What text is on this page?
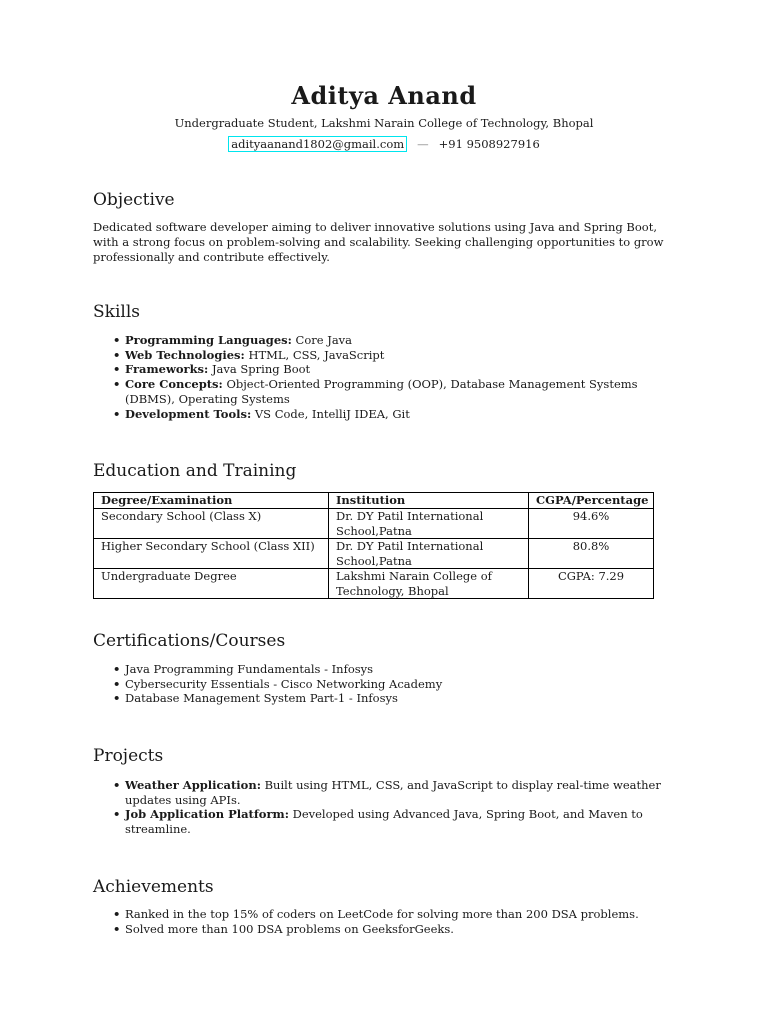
Aditya Anand
Undergraduate Student, Lakshmi Narain College of Technology, Bhopal
adityaanand1802@gmail.com — +91 9508927916
Objective
Dedicated software developer aiming to deliver innovative solutions using Java and Spring Boot, with a strong focus on problem-solving and scalability. Seeking challenging opportunities to grow professionally and contribute effectively.
Skills
• Programming Languages: Core Java
• Web Technologies: HTML, CSS, JavaScript
• Frameworks: Java Spring Boot
• Core Concepts: Object-Oriented Programming (OOP), Database Management Systems (DBMS), Operating Systems
• Development Tools: VS Code, IntelliJ IDEA, Git
Education and Training
Degree/Examination	Institution	CGPA/Percentage
Secondary School (Class X)	Dr. DY Patil International School,Patna	94.6%
Higher Secondary School (Class XII)	Dr. DY Patil International School,Patna	80.8%
Undergraduate Degree	Lakshmi Narain College of Technology, Bhopal	CGPA: 7.29
Certifications/Courses
• Java Programming Fundamentals - Infosys
• Cybersecurity Essentials - Cisco Networking Academy
• Database Management System Part-1 - Infosys
Projects
• Weather Application: Built using HTML, CSS, and JavaScript to display real-time weather updates using APIs.
• Job Application Platform: Developed using Advanced Java, Spring Boot, and Maven to streamline.
Achievements
• Ranked in the top 15% of coders on LeetCode for solving more than 200 DSA problems.
• Solved more than 100 DSA problems on GeeksforGeeks.
